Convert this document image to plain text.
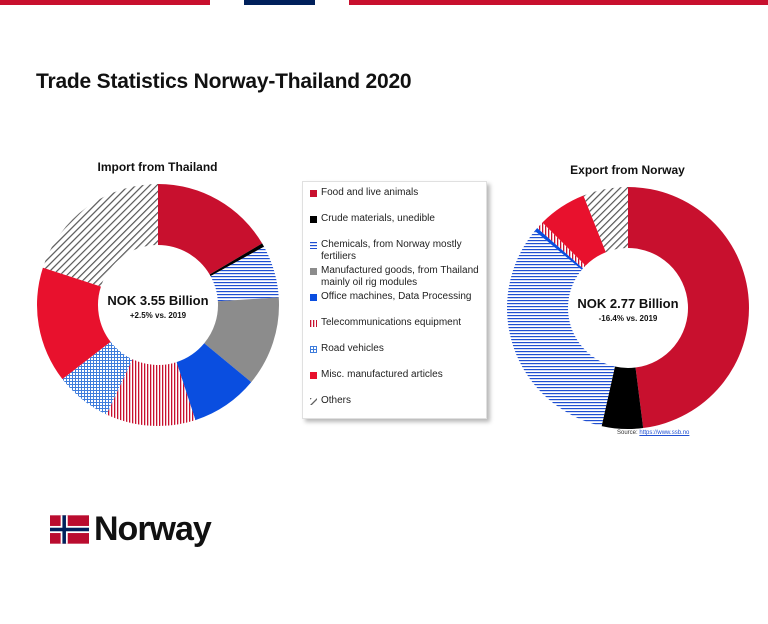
Trade Statistics Norway-Thailand 2020
Import from Thailand	Export from Norway
NOK 3.55 Billion
+2.5% vs. 2019
NOK 2.77 Billion
-16.4% vs. 2019
Food and live animals
Crude materials, unedible
Chemicals, from Norway mostly fertiliers
Manufactured goods, from Thailand mainly oil rig modules
Office machines, Data Processing
Telecommunications equipment
Road vehicles
Misc. manufactured articles
Others
Source: https://www.ssb.no
Norway
